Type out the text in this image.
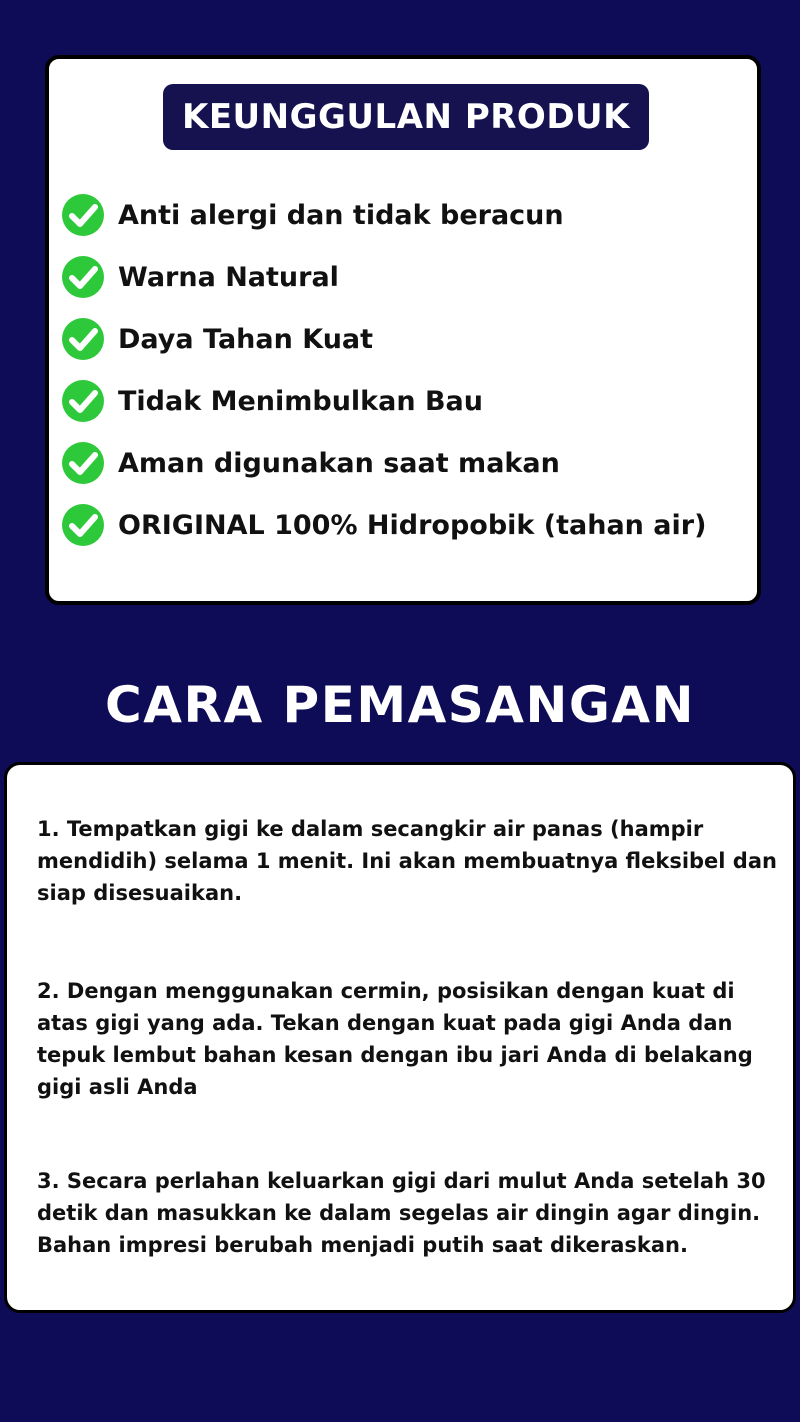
KEUNGGULAN PRODUK
Anti alergi dan tidak beracun
Warna Natural
Daya Tahan Kuat
Tidak Menimbulkan Bau
Aman digunakan saat makan
ORIGINAL 100% Hidropobik (tahan air)
CARA PEMASANGAN
1. Tempatkan gigi ke dalam secangkir air panas (hampir mendidih) selama 1 menit. Ini akan membuatnya fleksibel dan siap disesuaikan.
2. Dengan menggunakan cermin, posisikan dengan kuat di atas gigi yang ada. Tekan dengan kuat pada gigi Anda dan tepuk lembut bahan kesan dengan ibu jari Anda di belakang gigi asli Anda
3. Secara perlahan keluarkan gigi dari mulut Anda setelah 30 detik dan masukkan ke dalam segelas air dingin agar dingin. Bahan impresi berubah menjadi putih saat dikeraskan.
